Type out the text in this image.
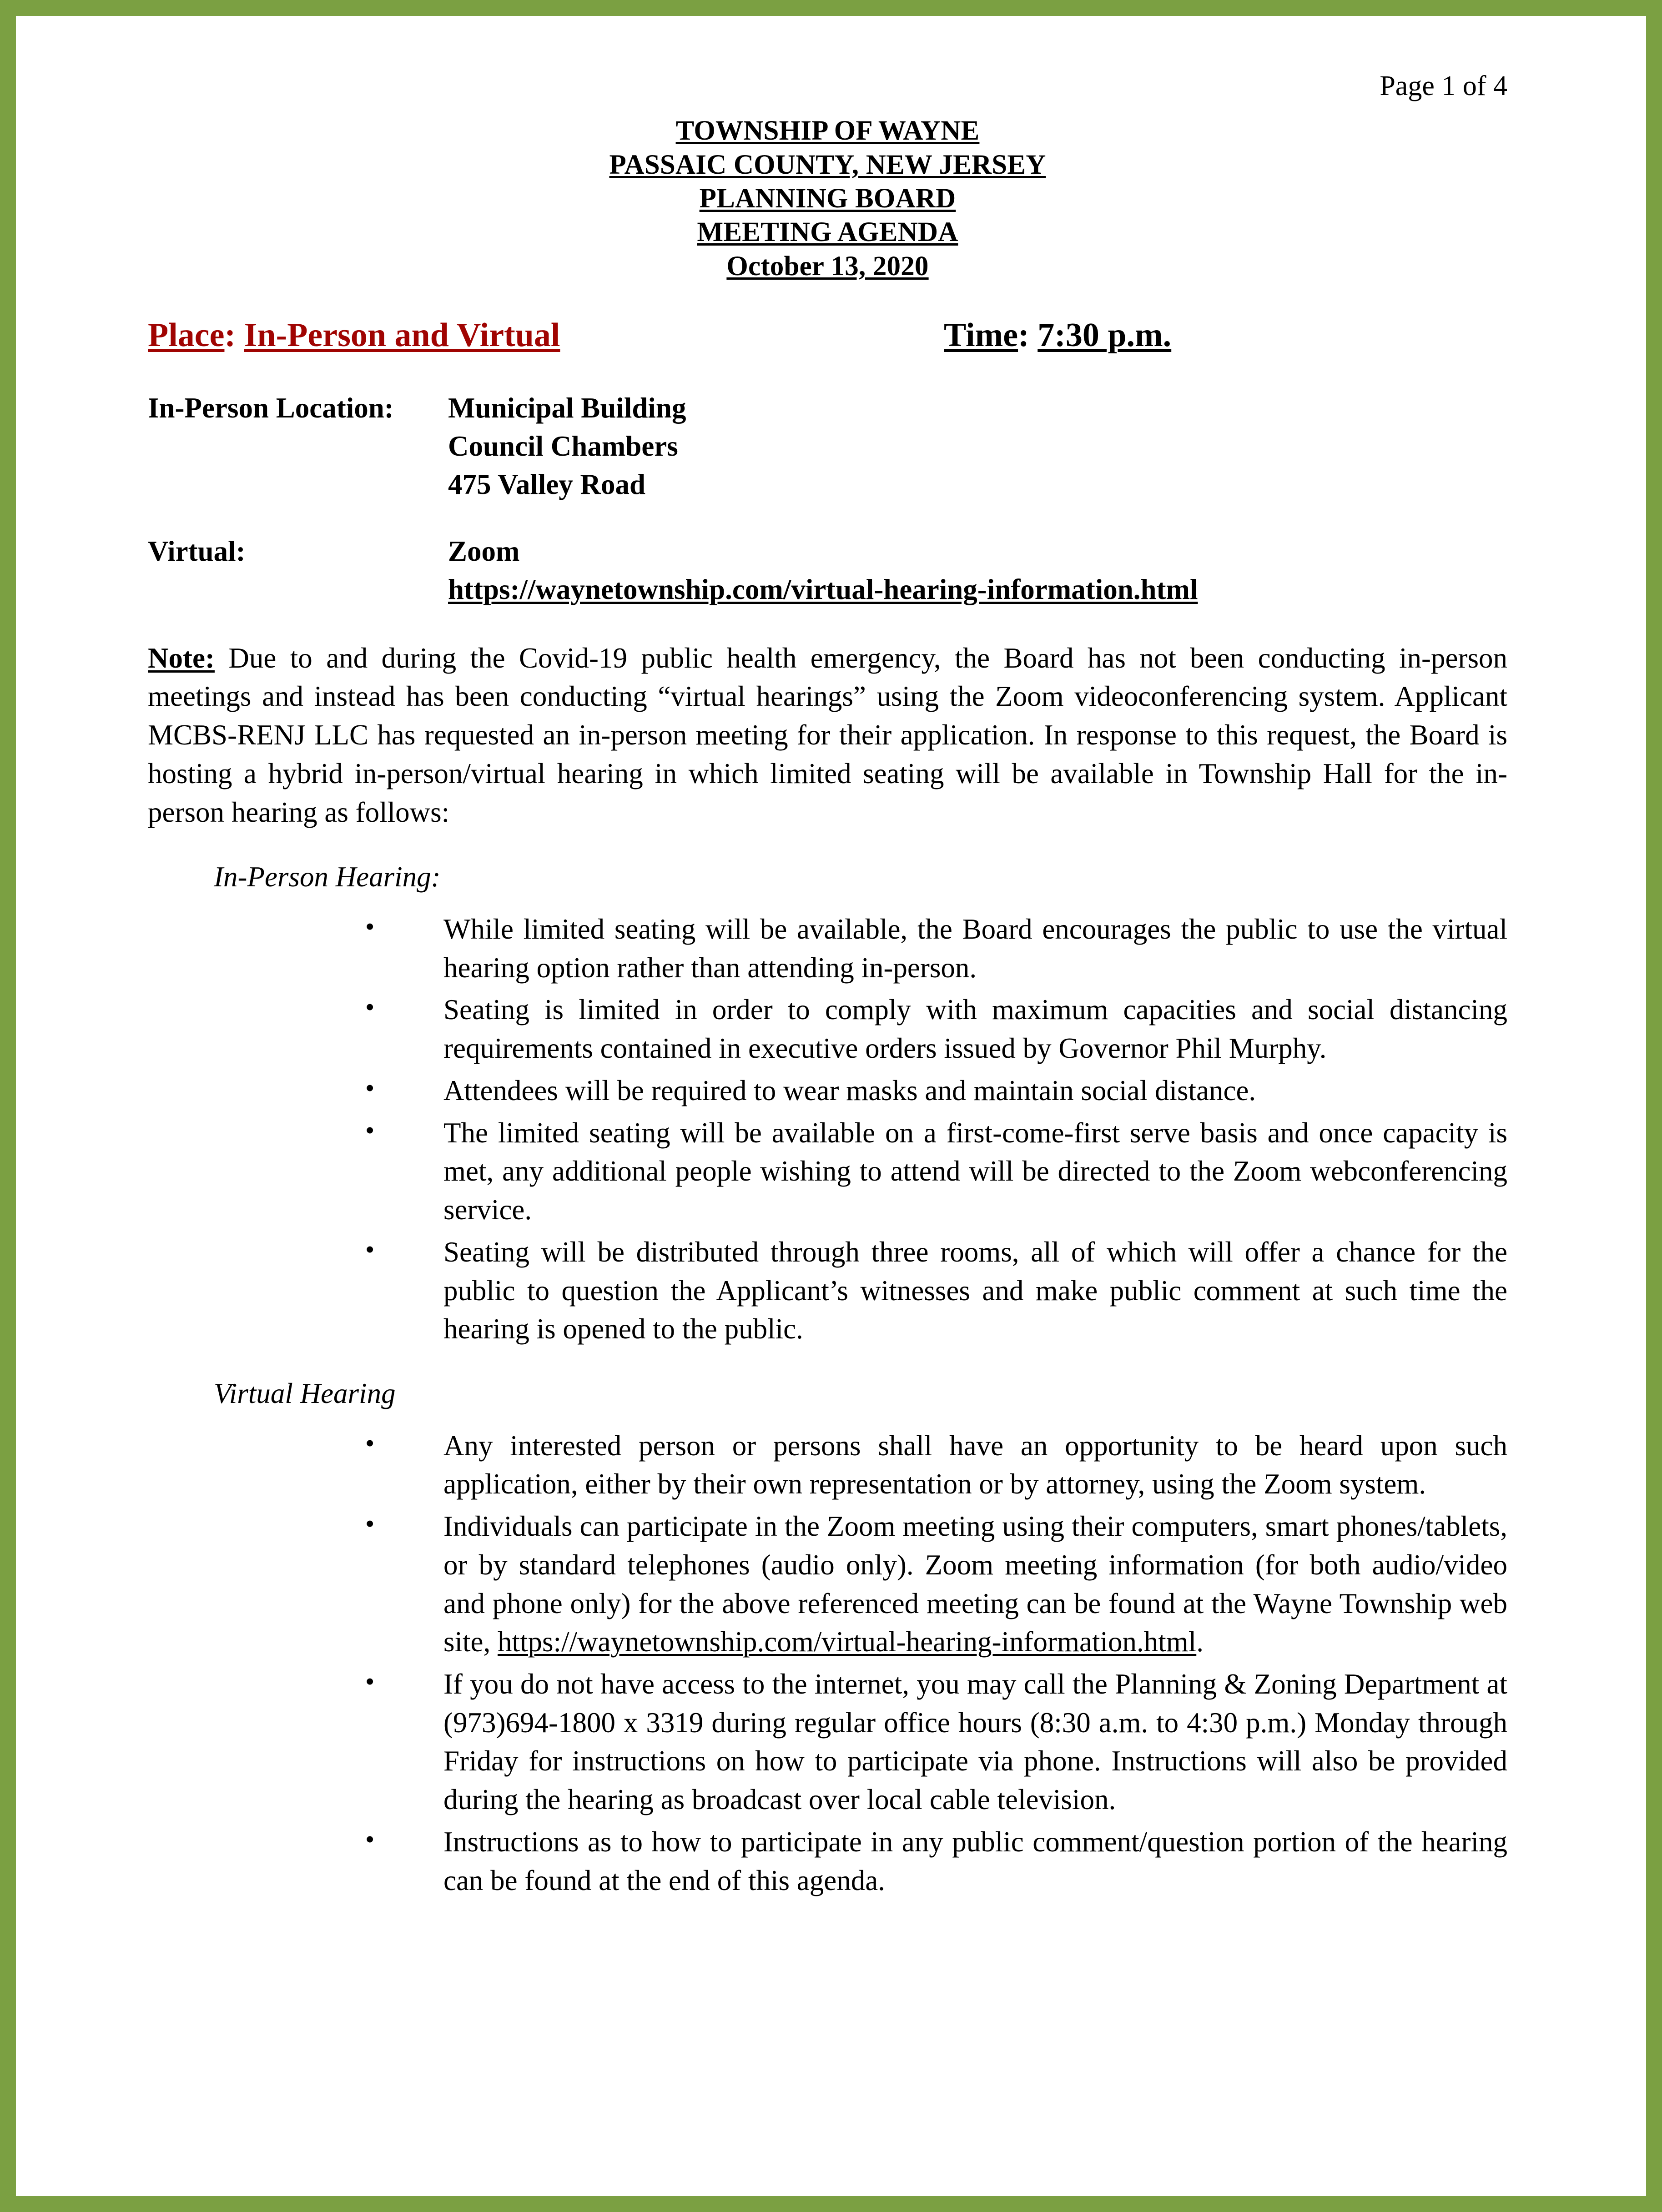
Page 1 of 4
TOWNSHIP OF WAYNE
PASSAIC COUNTY, NEW JERSEY
PLANNING BOARD
MEETING AGENDA
October 13, 2020
Place: In-Person and Virtual	Time: 7:30 p.m.
In-Person Location:	Municipal Building
Council Chambers
475 Valley Road
Virtual:	Zoom
https://waynetownship.com/virtual-hearing-information.html

Note: Due to and during the Covid-19 public health emergency, the Board has not been conducting in-person meetings and instead has been conducting “virtual hearings” using the Zoom videoconferencing system. Applicant MCBS-RENJ LLC has requested an in-person meeting for their application. In response to this request, the Board is hosting a hybrid in-person/virtual hearing in which limited seating will be available in Township Hall for the in-person hearing as follows:

In-Person Hearing:
• While limited seating will be available, the Board encourages the public to use the virtual hearing option rather than attending in-person.
• Seating is limited in order to comply with maximum capacities and social distancing requirements contained in executive orders issued by Governor Phil Murphy.
• Attendees will be required to wear masks and maintain social distance.
• The limited seating will be available on a first-come-first serve basis and once capacity is met, any additional people wishing to attend will be directed to the Zoom webconferencing service.
• Seating will be distributed through three rooms, all of which will offer a chance for the public to question the Applicant’s witnesses and make public comment at such time the hearing is opened to the public.
Virtual Hearing
• Any interested person or persons shall have an opportunity to be heard upon such application, either by their own representation or by attorney, using the Zoom system.
• Individuals can participate in the Zoom meeting using their computers, smart phones/tablets, or by standard telephones (audio only). Zoom meeting information (for both audio/video and phone only) for the above referenced meeting can be found at the Wayne Township web site, https://waynetownship.com/virtual-hearing-information.html.
• If you do not have access to the internet, you may call the Planning & Zoning Department at (973)694-1800 x 3319 during regular office hours (8:30 a.m. to 4:30 p.m.) Monday through Friday for instructions on how to participate via phone. Instructions will also be provided during the hearing as broadcast over local cable television.
• Instructions as to how to participate in any public comment/question portion of the hearing can be found at the end of this agenda.
